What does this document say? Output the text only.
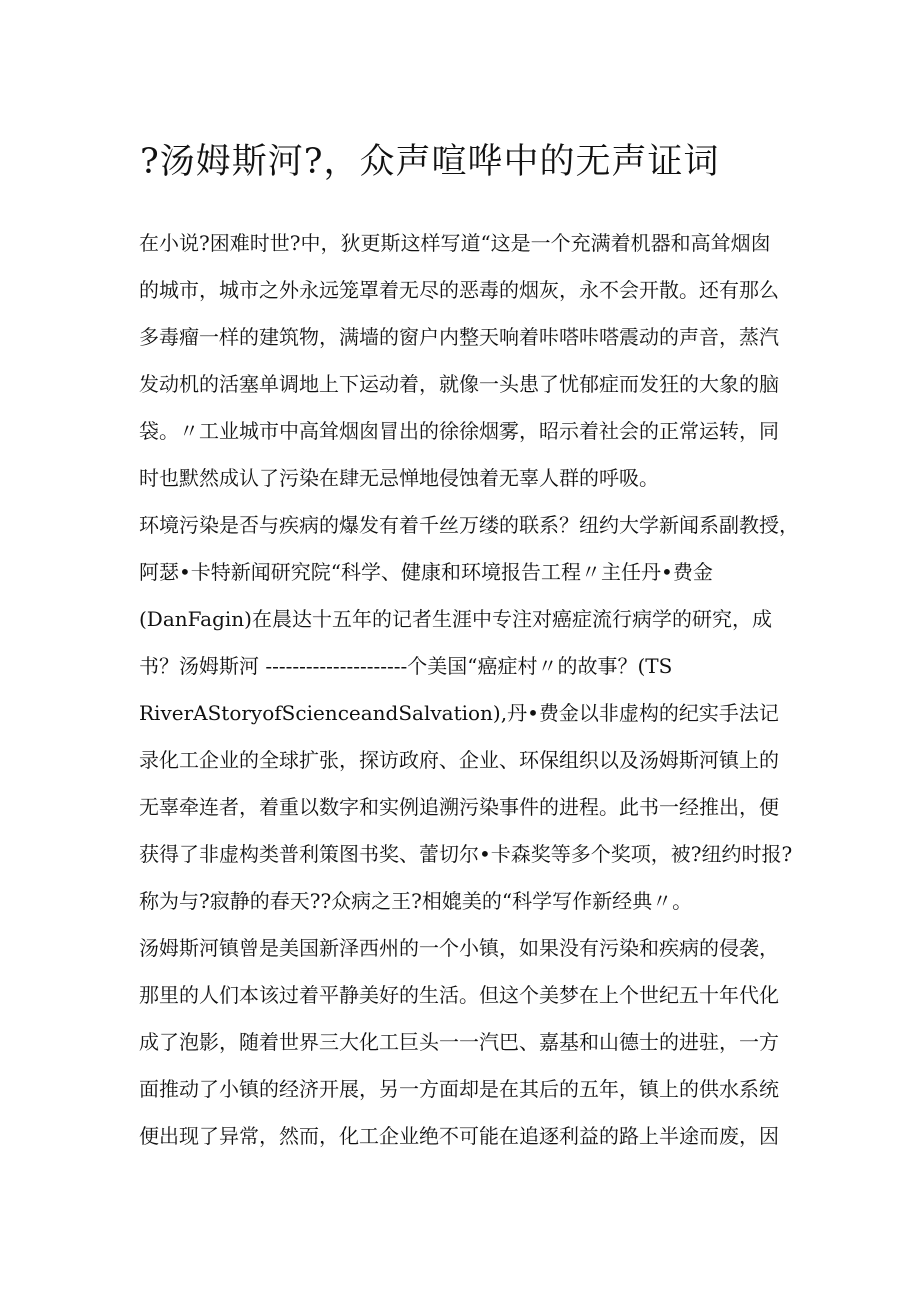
?汤姆斯河?，众声喧哗中的无声证词
在小说?困难时世?中，狄更斯这样写道“这是一个充满着机器和高耸烟囱
的城市，城市之外永远笼罩着无尽的恶毒的烟灰，永不会开散。还有那么
多毒瘤一样的建筑物，满墙的窗户内整天响着咔嗒咔嗒震动的声音，蒸汽
发动机的活塞单调地上下运动着，就像一头患了忧郁症而发狂的大象的脑
袋。〃工业城市中高耸烟囱冒出的徐徐烟雾，昭示着社会的正常运转，同
时也默然成认了污染在肆无忌惮地侵蚀着无辜人群的呼吸。
环境污染是否与疾病的爆发有着千丝万缕的联系？纽约大学新闻系副教授，
阿瑟•卡特新闻研究院“科学、健康和环境报告工程〃主任丹•费金
(DanFagin)在晨达十五年的记者生涯中专注对癌症流行病学的研究，成
书？汤姆斯河 ---------------------个美国“癌症村〃的故事？(TS
RiverAStoryofScienceandSalvation),丹•费金以非虚构的纪实手法记
录化工企业的全球扩张，探访政府、企业、环保组织以及汤姆斯河镇上的
无辜牵连者，着重以数字和实例追溯污染事件的进程。此书一经推出，便
获得了非虚构类普利策图书奖、蕾切尔•卡森奖等多个奖项，被?纽约时报?
称为与?寂静的春天??众病之王?相媲美的“科学写作新经典〃。
汤姆斯河镇曾是美国新泽西州的一个小镇，如果没有污染和疾病的侵袭，
那里的人们本该过着平静美好的生活。但这个美梦在上个世纪五十年代化
成了泡影，随着世界三大化工巨头一一汽巴、嘉基和山德士的进驻，一方
面推动了小镇的经济开展，另一方面却是在其后的五年，镇上的供水系统
便出现了异常，然而，化工企业绝不可能在追逐利益的路上半途而废，因
